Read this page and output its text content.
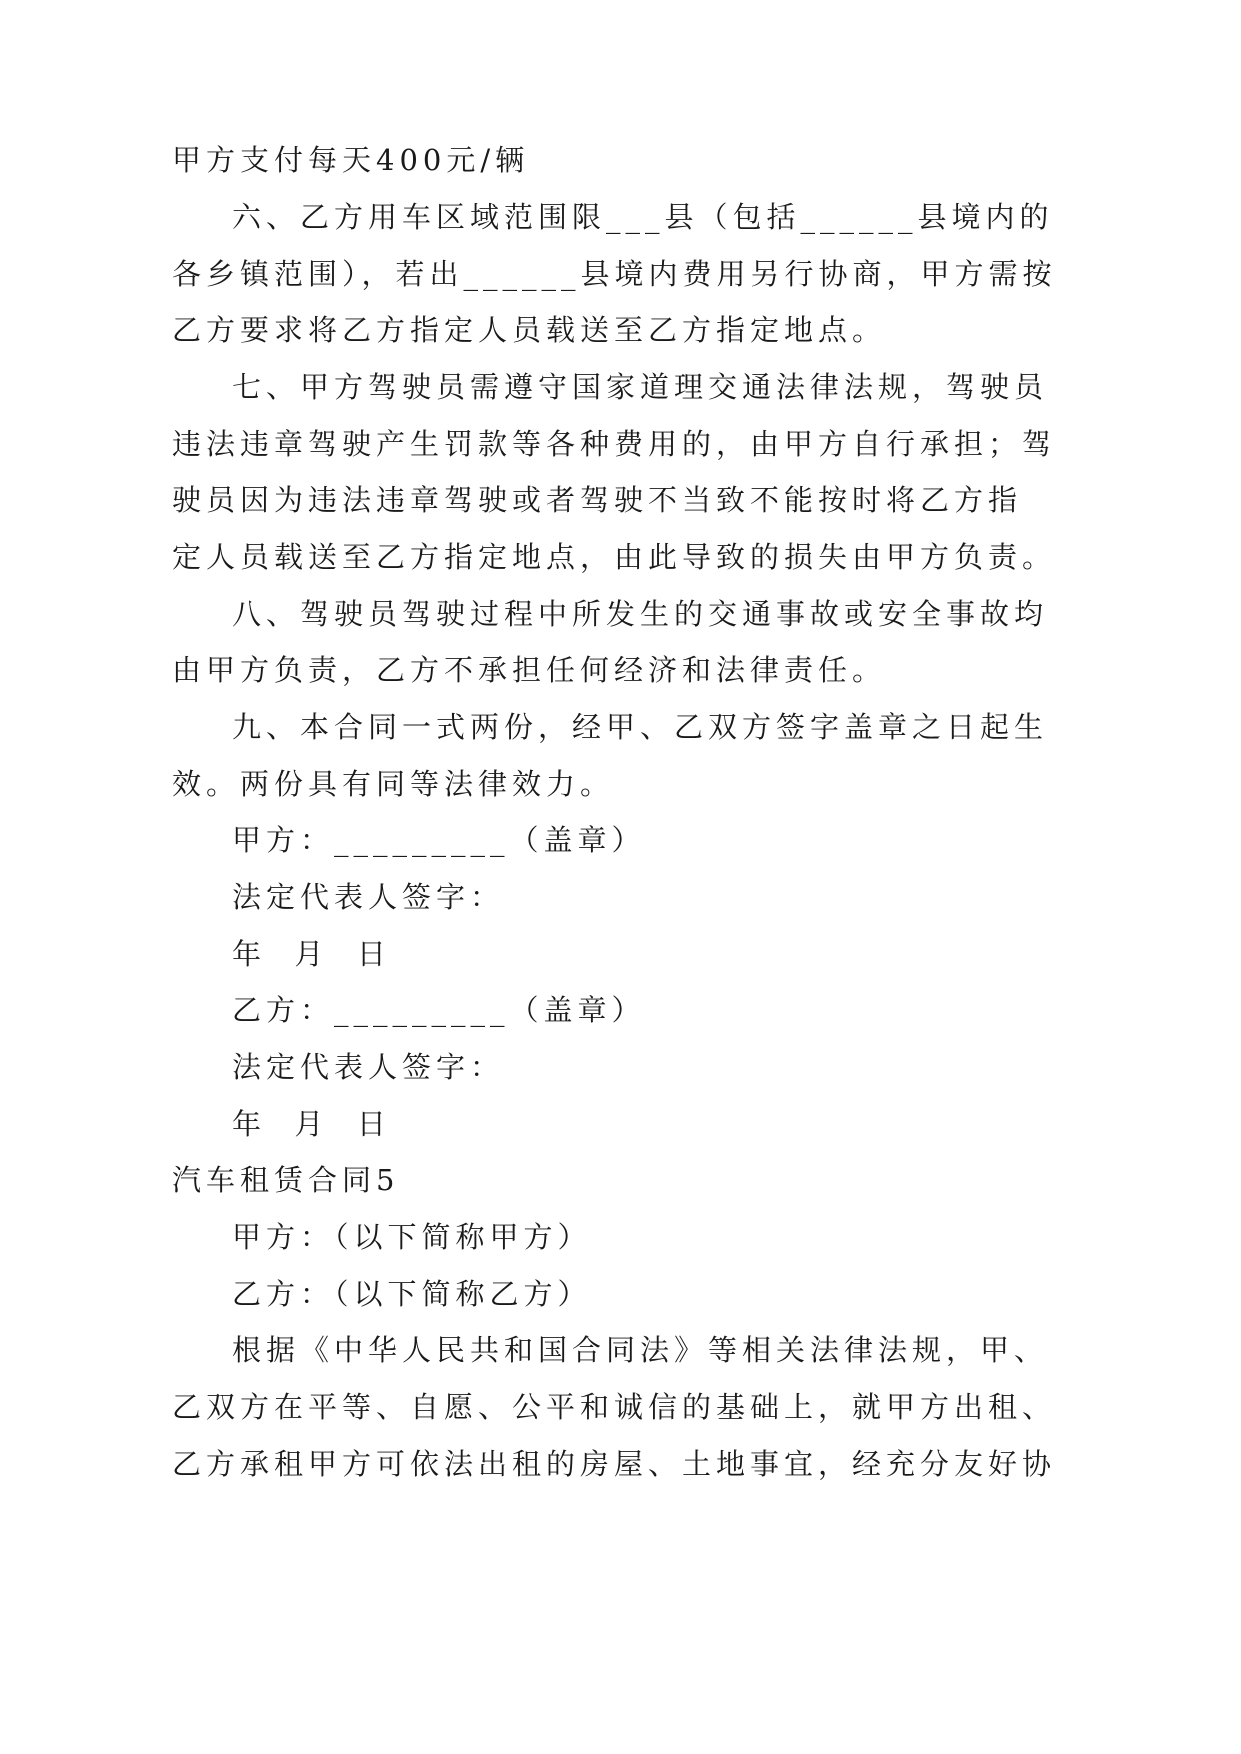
甲方支付每天400元/辆
六、乙方用车区域范围限___县（包括______县境内的
各乡镇范围），若出______县境内费用另行协商，甲方需按
乙方要求将乙方指定人员载送至乙方指定地点。
七、甲方驾驶员需遵守国家道理交通法律法规，驾驶员
违法违章驾驶产生罚款等各种费用的，由甲方自行承担；驾
驶员因为违法违章驾驶或者驾驶不当致不能按时将乙方指
定人员载送至乙方指定地点，由此导致的损失由甲方负责。
八、驾驶员驾驶过程中所发生的交通事故或安全事故均
由甲方负责，乙方不承担任何经济和法律责任。
九、本合同一式两份，经甲、乙双方签字盖章之日起生
效。两份具有同等法律效力。
甲方：_________（盖章）
法定代表人签字：
年  月  日
乙方：_________（盖章）
法定代表人签字：
年  月  日
汽车租赁合同5
甲方：（以下简称甲方）
乙方：（以下简称乙方）
根据《中华人民共和国合同法》等相关法律法规，甲、
乙双方在平等、自愿、公平和诚信的基础上，就甲方出租、
乙方承租甲方可依法出租的房屋、土地事宜，经充分友好协
